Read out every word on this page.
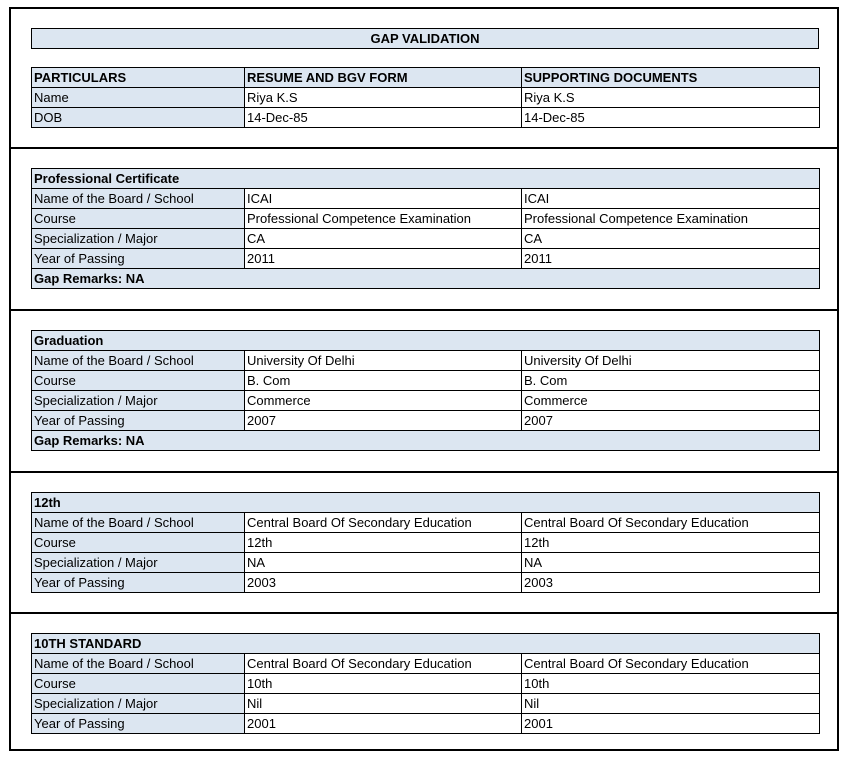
GAP VALIDATION
PARTICULARS	RESUME AND BGV FORM	SUPPORTING DOCUMENTS
Name	Riya K.S	Riya K.S
DOB	14-Dec-85	14-Dec-85
Professional Certificate		
Name of the Board / School	ICAI	ICAI
Course	Professional Competence Examination	Professional Competence Examination
Specialization / Major	CA	CA
Year of Passing	2011	2011
Gap Remarks: NA		
Graduation		
Name of the Board / School	University Of Delhi	University Of Delhi
Course	B. Com	B. Com
Specialization / Major	Commerce	Commerce
Year of Passing	2007	2007
Gap Remarks: NA		
12th		
Name of the Board / School	Central Board Of Secondary Education	Central Board Of Secondary Education
Course	12th	12th
Specialization / Major	NA	NA
Year of Passing	2003	2003
10TH STANDARD		
Name of the Board / School	Central Board Of Secondary Education	Central Board Of Secondary Education
Course	10th	10th
Specialization / Major	Nil	Nil
Year of Passing	2001	2001
